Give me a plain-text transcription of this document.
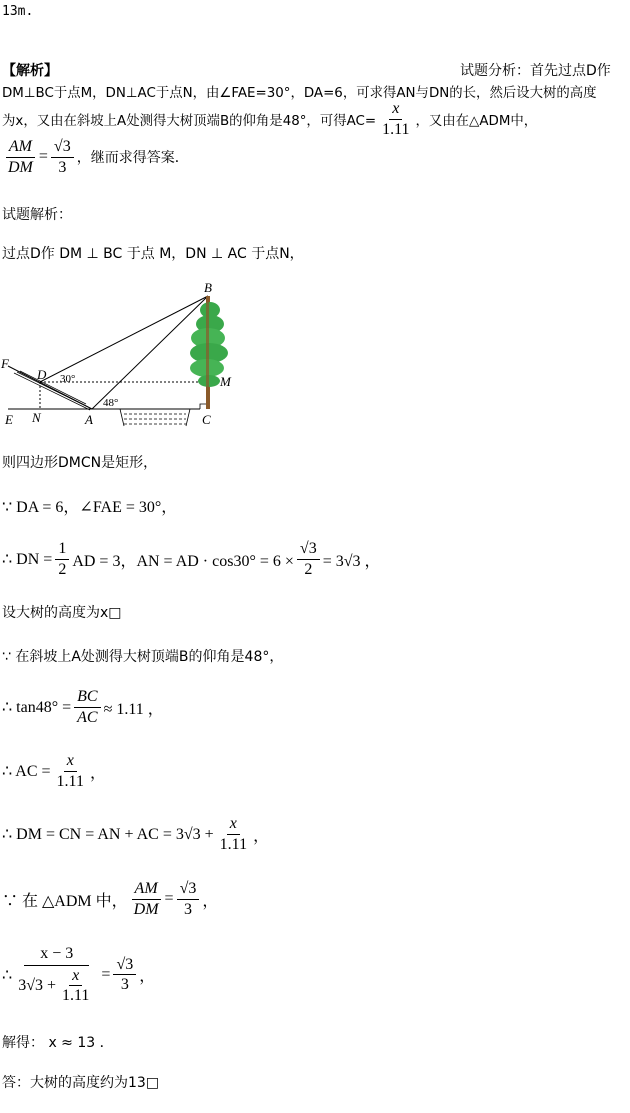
13m.
【解析】	试题分析：首先过点D作
DM⊥BC于点M，DN⊥AC于点N，由∠FAE=30°，DA=6，可求得AN与DN的长，然后设大树的高度
为x，又由在斜坡上A处测得大树顶端B的仰角是48°，可得$AC= \frac{x}{1.11}$ ，又由在△ADM中，
$\frac{AM}{DM} = \frac{√3}{3}$ ，继而求得答案．
试题解析：
过点D作 DM ⊥ BC 于点 M，DN ⊥ AC 于点N，
B
F
D	M
E N	A	C
30°
48°
则四边形DMCN是矩形，
∵ DA = 6，∠FAE = 30°，
∴ DN = $\frac{1}{2}$ AD = 3，AN = AD · $\cos 30^\circ = 6 \times \frac{√3}{2} = 3√3$ ，
设大树的高度为x□
∵ 在斜坡上A处测得大树顶端B的仰角是48°，
∴ $\tan 48^\circ = \frac{BC}{AC} \approx 1.11$ ，
∴ AC = $\frac{x}{1.11}$ ，
∴ DM = CN = AN + AC = $3√3 + \frac{x}{1.11}$ ，
∵ 在 △ADM 中， $\frac{AM}{DM} = \frac{√3}{3}$ ，
∴ $\frac{x - 3}{3√3 + \frac{x}{1.11}} = \frac{√3}{3}$ ，
解得： x ≈ 13 ．
答：大树的高度约为13□
